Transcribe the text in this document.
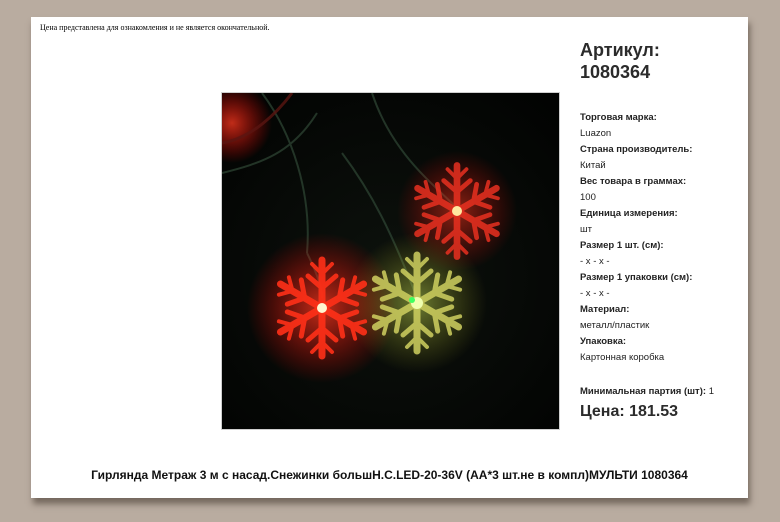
Цена представлена для ознакомления и не является окончательной.
Артикул:
1080364
Торговая марка:
Luazon
Страна производитель:
Китай
Вес товара в граммах:
100
Единица измерения:
шт
Размер 1 шт. (см):
- x - x -
Размер 1 упаковки (см):
- x - x -
Материал:
металл/пластик
Упаковка:
Картонная коробка
Минимальная партия (шт): 1
Цена: 181.53
Гирлянда Метраж 3 м с насад.Снежинки большН.С.LED-20-36V (AA*3 шт.не в компл)МУЛЬТИ 1080364
